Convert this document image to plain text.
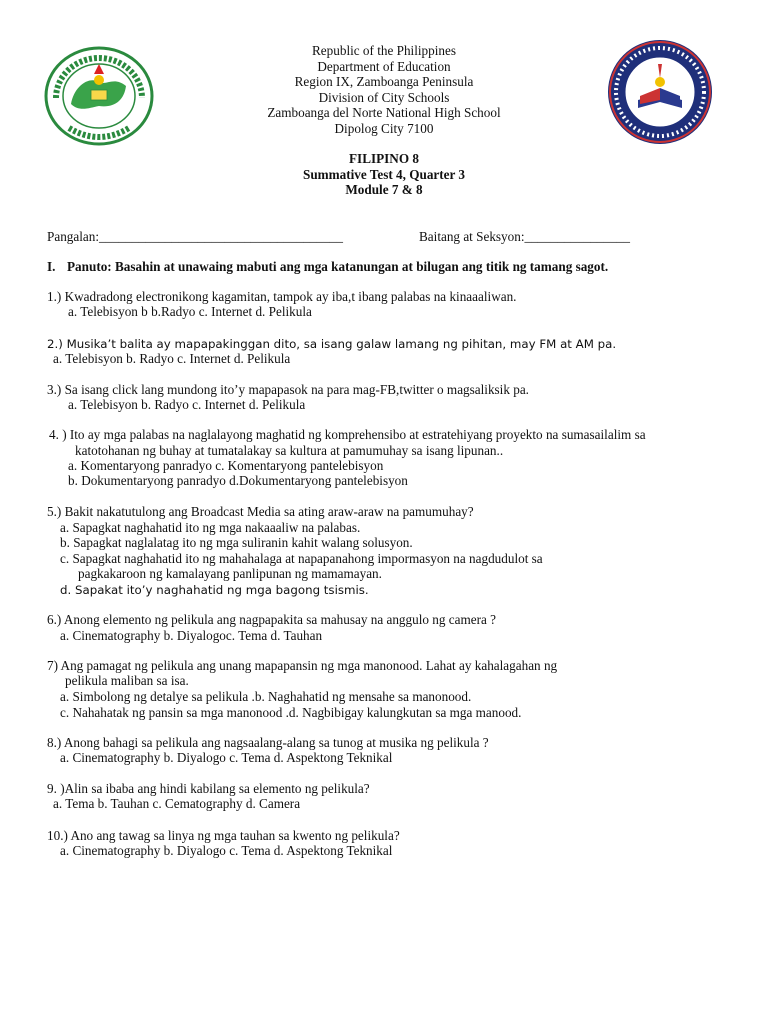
Republic of the Philippines
Department of Education
Region IX, Zamboanga Peninsula
Division of City Schools
Zamboanga del Norte National High School
Dipolog City 7100
FILIPINO 8
Summative Test 4, Quarter 3
Module 7 & 8
Pangalan:_____________________________________	Baitang at Seksyon:________________
I. Panuto: Basahin at unawaing mabuti ang mga katanungan at bilugan ang titik ng tamang sagot.
1.) Kwadradong electronikong kagamitan, tampok ay iba,t ibang palabas na kinaaaliwan.
a. Telebisyon b b.Radyo c. Internet d. Pelikula
2.) Musika’t balita ay mapapakinggan dito, sa isang galaw lamang ng pihitan, may FM at AM pa.
a. Telebisyon b. Radyo c. Internet d. Pelikula
3.) Sa isang click lang mundong ito’y mapapasok na para mag-FB,twitter o magsaliksik pa.
a. Telebisyon b. Radyo c. Internet d. Pelikula
4. ) Ito ay mga palabas na naglalayong maghatid ng komprehensibo at estratehiyang proyekto na sumasailalim sa
katotohanan ng buhay at tumatalakay sa kultura at pamumuhay sa isang lipunan..
a. Komentaryong panradyo c. Komentaryong pantelebisyon
b. Dokumentaryong panradyo d.Dokumentaryong pantelebisyon
5.) Bakit nakatutulong ang Broadcast Media sa ating araw-araw na pamumuhay?
a. Sapagkat naghahatid ito ng mga nakaaaliw na palabas.
b. Sapagkat naglalatag ito ng mga suliranin kahit walang solusyon.
c. Sapagkat naghahatid ito ng mahahalaga at napapanahong impormasyon na nagdudulot sa
pagkakaroon ng kamalayang panlipunan ng mamamayan.
d. Sapakat ito’y naghahatid ng mga bagong tsismis.
6.) Anong elemento ng pelikula ang nagpapakita sa mahusay na anggulo ng camera ?
a. Cinematography b. Diyalogoc. Tema d. Tauhan
7) Ang pamagat ng pelikula ang unang mapapansin ng mga manonood. Lahat ay kahalagahan ng
pelikula maliban sa isa.
a. Simbolong ng detalye sa pelikula .b. Naghahatid ng mensahe sa manonood.
c. Nahahatak ng pansin sa mga manonood .d. Nagbibigay kalungkutan sa mga manood.
8.) Anong bahagi sa pelikula ang nagsaalang-alang sa tunog at musika ng pelikula ?
a. Cinematography b. Diyalogo c. Tema d. Aspektong Teknikal
9. )Alin sa ibaba ang hindi kabilang sa elemento ng pelikula?
a. Tema b. Tauhan c. Cematography d. Camera
10.) Ano ang tawag sa linya ng mga tauhan sa kwento ng pelikula?
a. Cinematography b. Diyalogo c. Tema d. Aspektong Teknikal
